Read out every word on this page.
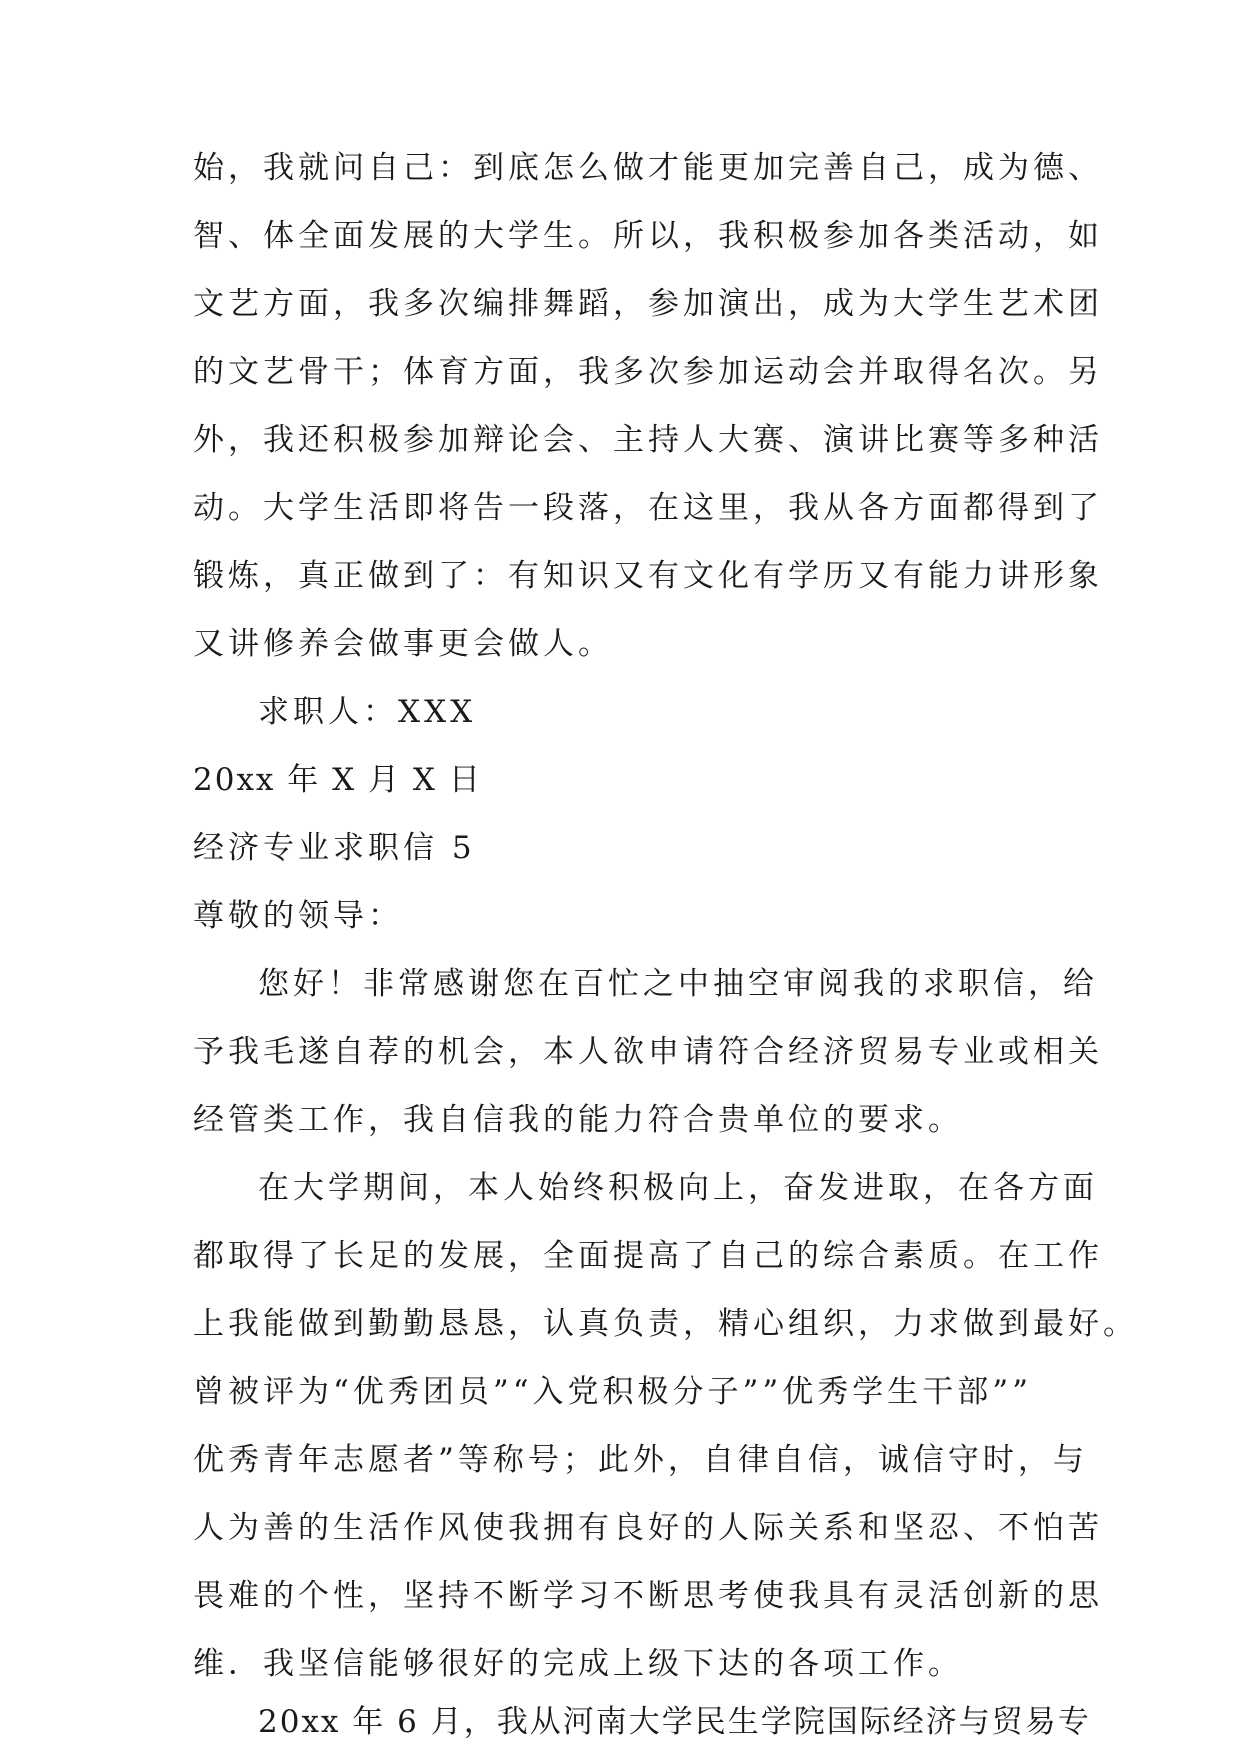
始，我就问自己：到底怎么做才能更加完善自己，成为德、
智、体全面发展的大学生。所以，我积极参加各类活动，如
文艺方面，我多次编排舞蹈，参加演出，成为大学生艺术团
的文艺骨干；体育方面，我多次参加运动会并取得名次。另
外，我还积极参加辩论会、主持人大赛、演讲比赛等多种活
动。大学生活即将告一段落，在这里，我从各方面都得到了
锻炼，真正做到了：有知识又有文化有学历又有能力讲形象
又讲修养会做事更会做人。
求职人：XXX
20xx 年 X 月 X 日
经济专业求职信 5
尊敬的领导：
您好！非常感谢您在百忙之中抽空审阅我的求职信，给
予我毛遂自荐的机会，本人欲申请符合经济贸易专业或相关
经管类工作，我自信我的能力符合贵单位的要求。
在大学期间，本人始终积极向上，奋发进取，在各方面
都取得了长足的发展，全面提高了自己的综合素质。在工作
上我能做到勤勤恳恳，认真负责，精心组织，力求做到最好。
曾被评为“优秀团员”“入党积极分子””优秀学生干部””
优秀青年志愿者”等称号；此外，自律自信，诚信守时，与
人为善的生活作风使我拥有良好的人际关系和坚忍、不怕苦
畏难的个性，坚持不断学习不断思考使我具有灵活创新的思
维．我坚信能够很好的完成上级下达的各项工作。
20xx 年 6 月，我从河南大学民生学院国际经济与贸易专
